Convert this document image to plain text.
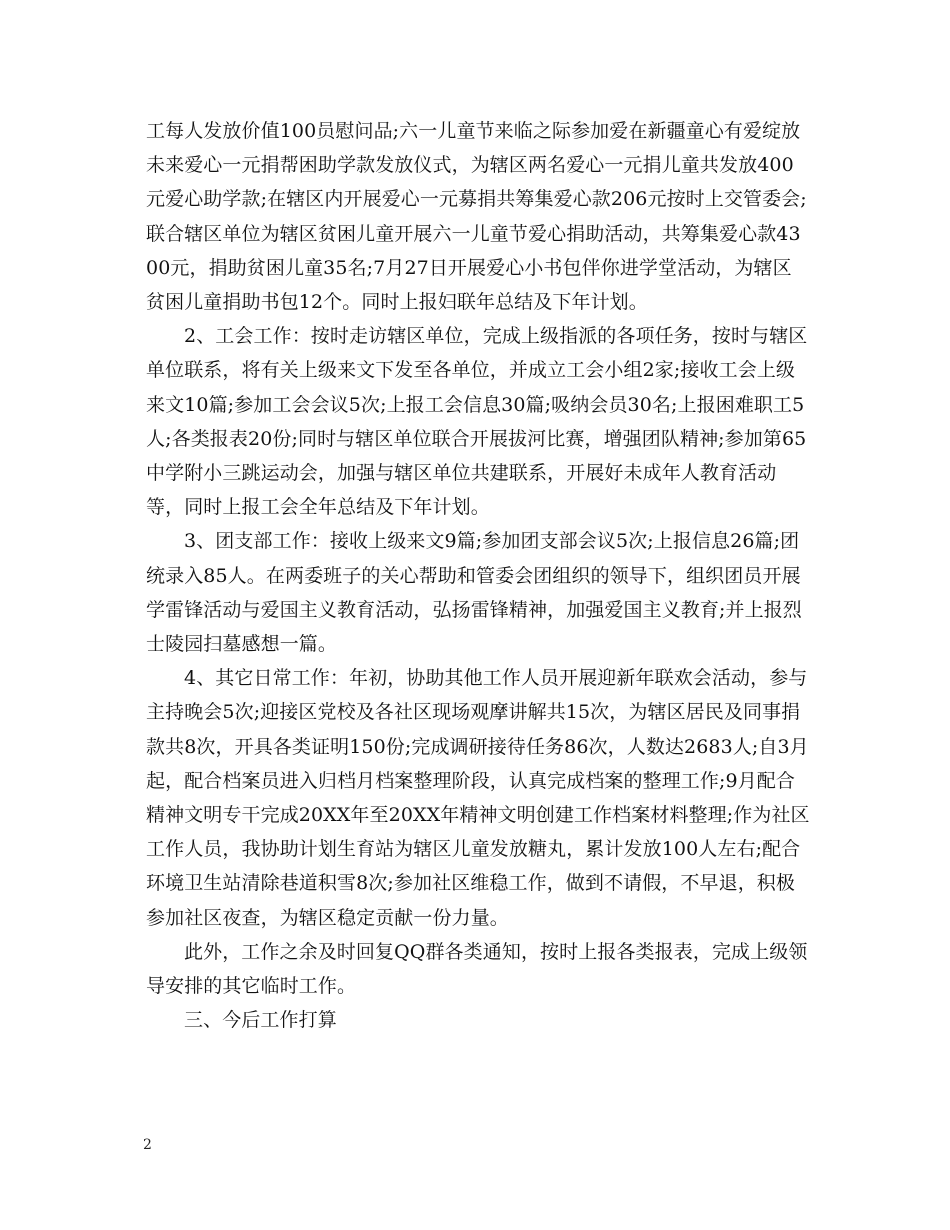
工每人发放价值100员慰问品;六一儿童节来临之际参加爱在新疆童心有爱绽放未来爱心一元捐帮困助学款发放仪式，为辖区两名爱心一元捐儿童共发放400元爱心助学款;在辖区内开展爱心一元募捐共筹集爱心款206元按时上交管委会;联合辖区单位为辖区贫困儿童开展六一儿童节爱心捐助活动，共筹集爱心款4300元，捐助贫困儿童35名;7月27日开展爱心小书包伴你进学堂活动，为辖区贫困儿童捐助书包12个。同时上报妇联年总结及下年计划。

2、工会工作：按时走访辖区单位，完成上级指派的各项任务，按时与辖区单位联系，将有关上级来文下发至各单位，并成立工会小组2家;接收工会上级来文10篇;参加工会会议5次;上报工会信息30篇;吸纳会员30名;上报困难职工5人;各类报表20份;同时与辖区单位联合开展拔河比赛，增强团队精神;参加第65中学附小三跳运动会，加强与辖区单位共建联系，开展好未成年人教育活动等，同时上报工会全年总结及下年计划。

3、团支部工作：接收上级来文9篇;参加团支部会议5次;上报信息26篇;团统录入85人。在两委班子的关心帮助和管委会团组织的领导下，组织团员开展学雷锋活动与爱国主义教育活动，弘扬雷锋精神，加强爱国主义教育;并上报烈士陵园扫墓感想一篇。

4、其它日常工作：年初，协助其他工作人员开展迎新年联欢会活动，参与主持晚会5次;迎接区党校及各社区现场观摩讲解共15次，为辖区居民及同事捐款共8次，开具各类证明150份;完成调研接待任务86次，人数达2683人;自3月起，配合档案员进入归档月档案整理阶段，认真完成档案的整理工作;9月配合精神文明专干完成20XX年至20XX年精神文明创建工作档案材料整理;作为社区工作人员，我协助计划生育站为辖区儿童发放糖丸，累计发放100人左右;配合环境卫生站清除巷道积雪8次;参加社区维稳工作，做到不请假，不早退，积极参加社区夜查，为辖区稳定贡献一份力量。

此外，工作之余及时回复QQ群各类通知，按时上报各类报表，完成上级领导安排的其它临时工作。

三、今后工作打算

2
